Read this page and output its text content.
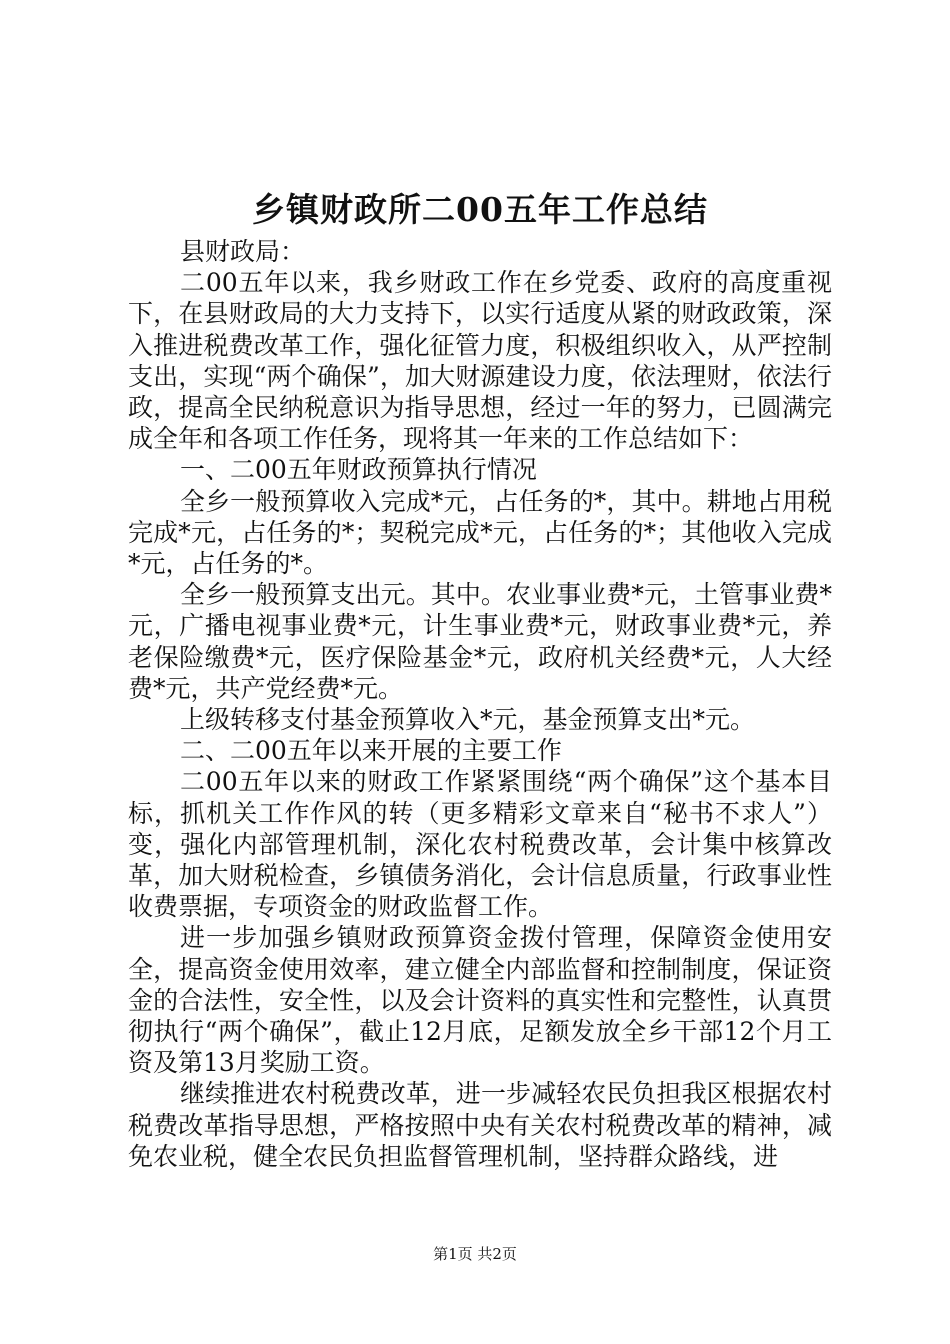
乡镇财政所二00五年工作总结

县财政局：

二00五年以来，我乡财政工作在乡党委、政府的高度重视下，在县财政局的大力支持下，以实行适度从紧的财政政策，深入推进税费改革工作，强化征管力度，积极组织收入，从严控制支出，实现“两个确保”，加大财源建设力度，依法理财，依法行政，提高全民纳税意识为指导思想，经过一年的努力，已圆满完成全年和各项工作任务，现将其一年来的工作总结如下：

一、二00五年财政预算执行情况

全乡一般预算收入完成*元，占任务的*，其中。耕地占用税完成*元，占任务的*；契税完成*元，占任务的*；其他收入完成*元，占任务的*。

全乡一般预算支出元。其中。农业事业费*元，土管事业费*元，广播电视事业费*元，计生事业费*元，财政事业费*元，养老保险缴费*元，医疗保险基金*元，政府机关经费*元，人大经费*元，共产党经费*元。

上级转移支付基金预算收入*元，基金预算支出*元。

二、二00五年以来开展的主要工作

二00五年以来的财政工作紧紧围绕“两个确保”这个基本目标，抓机关工作作风的转（更多精彩文章来自“秘书不求人”）变，强化内部管理机制，深化农村税费改革，会计集中核算改革，加大财税检查，乡镇债务消化，会计信息质量，行政事业性收费票据，专项资金的财政监督工作。

进一步加强乡镇财政预算资金拨付管理，保障资金使用安全，提高资金使用效率，建立健全内部监督和控制制度，保证资金的合法性，安全性，以及会计资料的真实性和完整性，认真贯彻执行“两个确保”，截止12月底，足额发放全乡干部12个月工资及第13月奖励工资。

继续推进农村税费改革，进一步减轻农民负担我区根据农村税费改革指导思想，严格按照中央有关农村税费改革的精神，减免农业税，健全农民负担监督管理机制，坚持群众路线，进

第1页 共2页
